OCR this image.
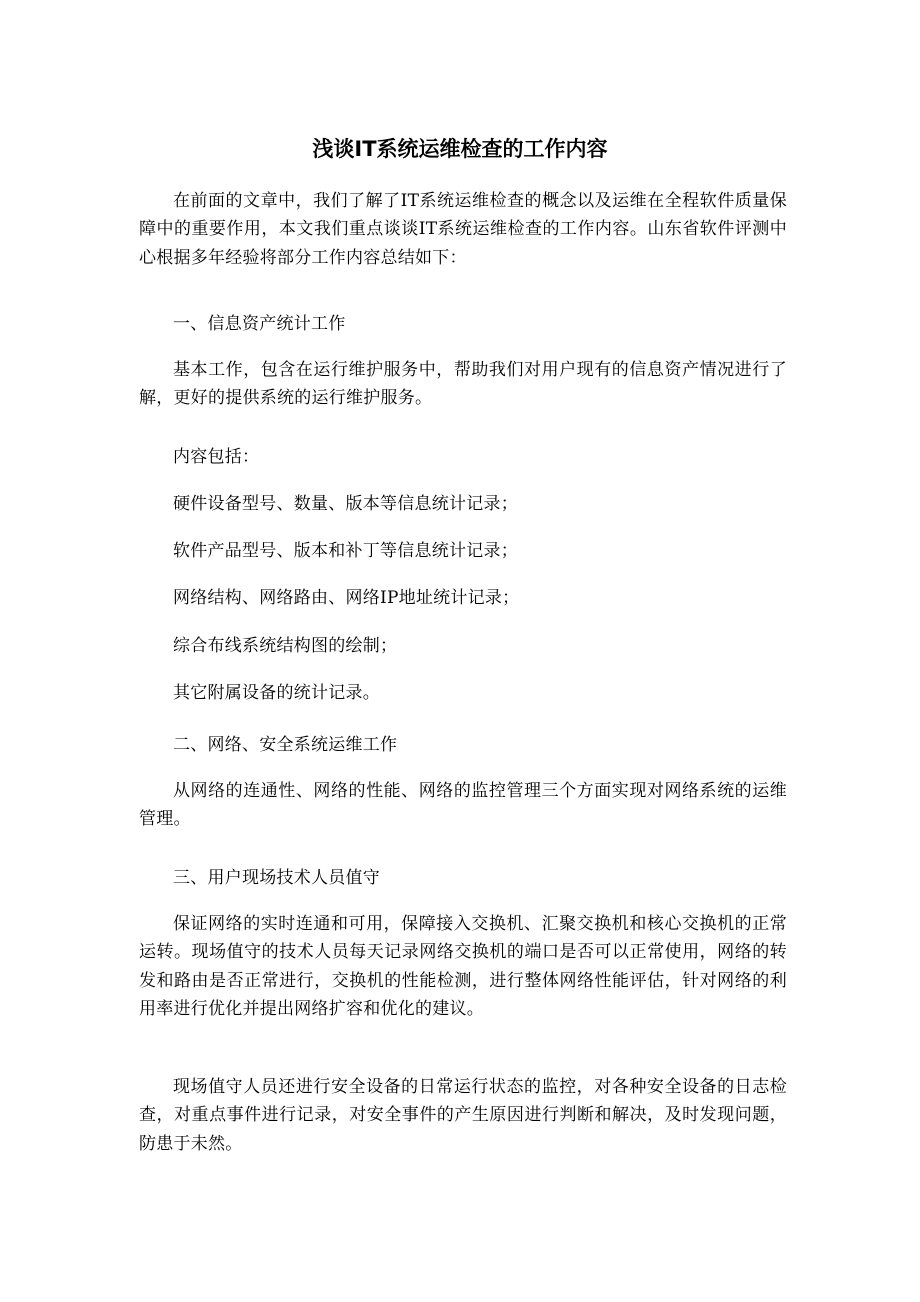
浅谈IT系统运维检查的工作内容

在前面的文章中，我们了解了IT系统运维检查的概念以及运维在全程软件质量保障中的重要作用，本文我们重点谈谈IT系统运维检查的工作内容。山东省软件评测中心根据多年经验将部分工作内容总结如下：

一、信息资产统计工作

基本工作，包含在运行维护服务中，帮助我们对用户现有的信息资产情况进行了解，更好的提供系统的运行维护服务。

内容包括：

硬件设备型号、数量、版本等信息统计记录；

软件产品型号、版本和补丁等信息统计记录；

网络结构、网络路由、网络IP地址统计记录；

综合布线系统结构图的绘制；

其它附属设备的统计记录。

二、网络、安全系统运维工作

从网络的连通性、网络的性能、网络的监控管理三个方面实现对网络系统的运维管理。

三、用户现场技术人员值守

保证网络的实时连通和可用，保障接入交换机、汇聚交换机和核心交换机的正常运转。现场值守的技术人员每天记录网络交换机的端口是否可以正常使用，网络的转发和路由是否正常进行，交换机的性能检测，进行整体网络性能评估，针对网络的利用率进行优化并提出网络扩容和优化的建议。

现场值守人员还进行安全设备的日常运行状态的监控，对各种安全设备的日志检查，对重点事件进行记录，对安全事件的产生原因进行判断和解决，及时发现问题，防患于未然。
